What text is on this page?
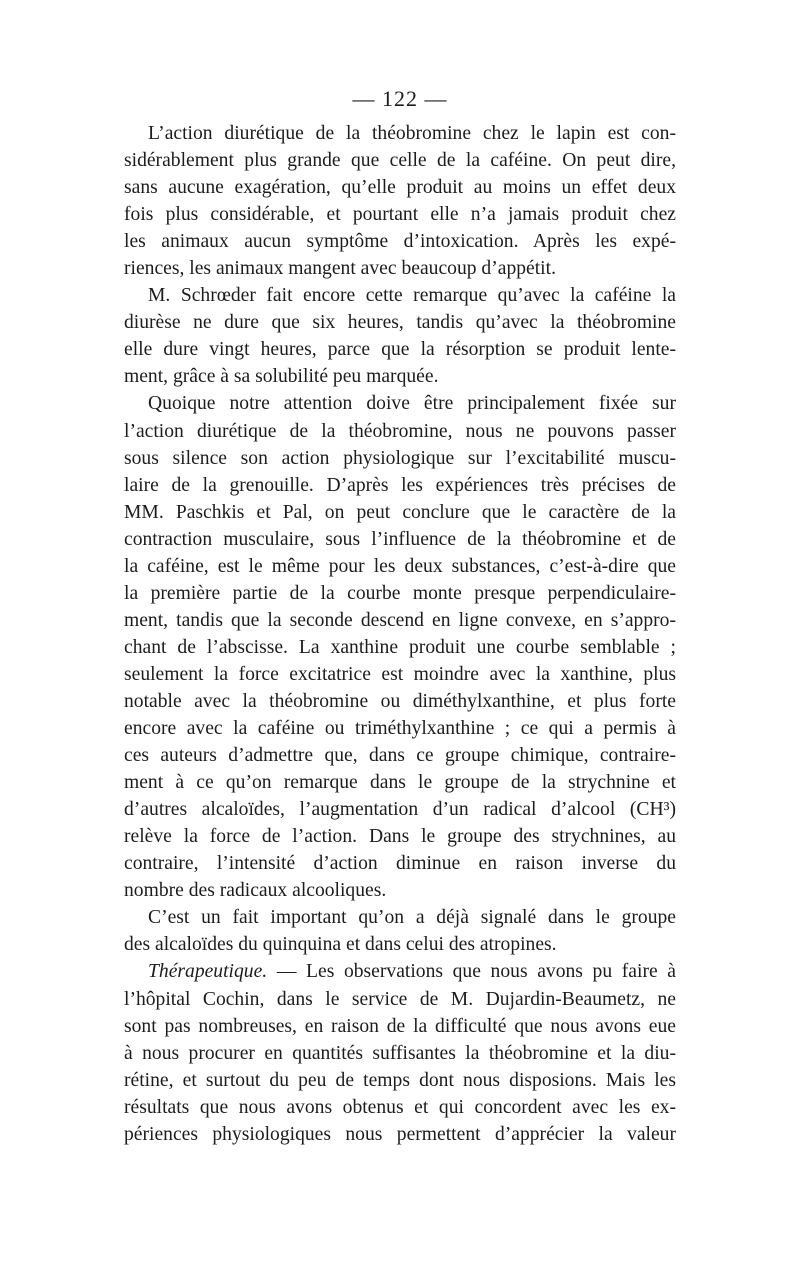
— 122 —
L’action diurétique de la théobromine chez le lapin est con-
sidérablement plus grande que celle de la caféine. On peut dire,
sans aucune exagération, qu’elle produit au moins un effet deux
fois plus considérable, et pourtant elle n’a jamais produit chez
les animaux aucun symptôme d’intoxication. Après les expé-
riences, les animaux mangent avec beaucoup d’appétit.
M. Schrœder fait encore cette remarque qu’avec la caféine la
diurèse ne dure que six heures, tandis qu’avec la théobromine
elle dure vingt heures, parce que la résorption se produit lente-
ment, grâce à sa solubilité peu marquée.
Quoique notre attention doive être principalement fixée sur
l’action diurétique de la théobromine, nous ne pouvons passer
sous silence son action physiologique sur l’excitabilité muscu-
laire de la grenouille. D’après les expériences très précises de
MM. Paschkis et Pal, on peut conclure que le caractère de la
contraction musculaire, sous l’influence de la théobromine et de
la caféine, est le même pour les deux substances, c’est-à-dire que
la première partie de la courbe monte presque perpendiculaire-
ment, tandis que la seconde descend en ligne convexe, en s’appro-
chant de l’abscisse. La xanthine produit une courbe semblable ;
seulement la force excitatrice est moindre avec la xanthine, plus
notable avec la théobromine ou diméthylxanthine, et plus forte
encore avec la caféine ou triméthylxanthine ; ce qui a permis à
ces auteurs d’admettre que, dans ce groupe chimique, contraire-
ment à ce qu’on remarque dans le groupe de la strychnine et
d’autres alcaloïdes, l’augmentation d’un radical d’alcool (CH³)
relève la force de l’action. Dans le groupe des strychnines, au
contraire, l’intensité d’action diminue en raison inverse du
nombre des radicaux alcooliques.
C’est un fait important qu’on a déjà signalé dans le groupe
des alcaloïdes du quinquina et dans celui des atropines.
Thérapeutique. — Les observations que nous avons pu faire à
l’hôpital Cochin, dans le service de M. Dujardin-Beaumetz, ne
sont pas nombreuses, en raison de la difficulté que nous avons eue
à nous procurer en quantités suffisantes la théobromine et la diu-
rétine, et surtout du peu de temps dont nous disposions. Mais les
résultats que nous avons obtenus et qui concordent avec les ex-
périences physiologiques nous permettent d’apprécier la valeur
